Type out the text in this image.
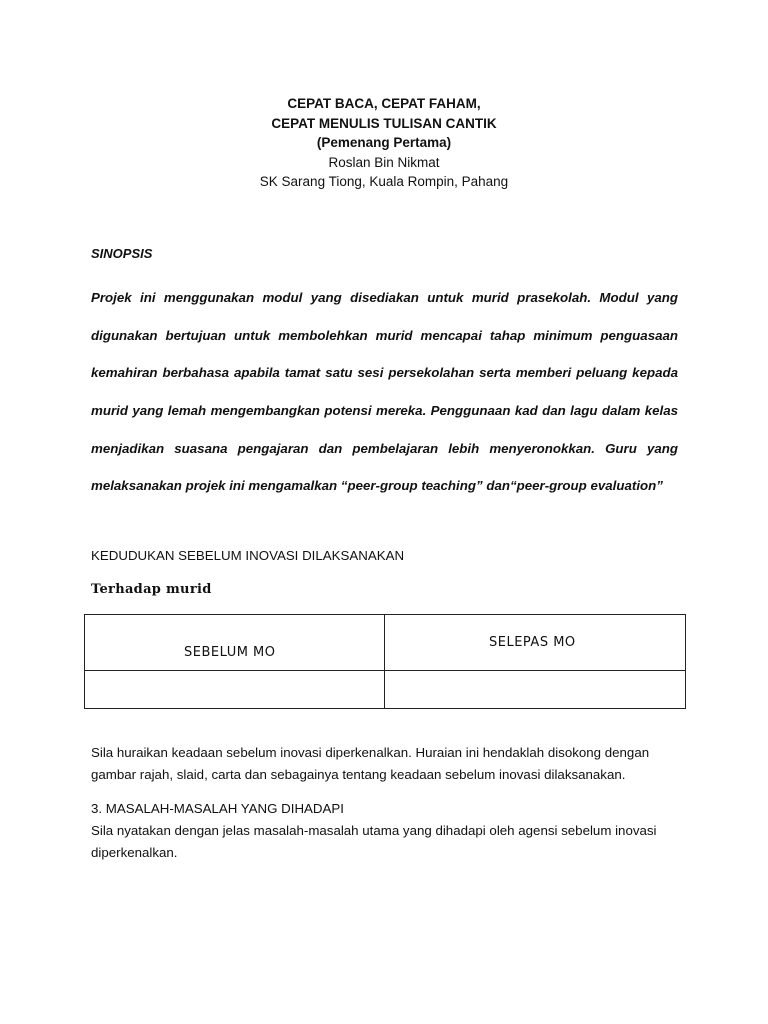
CEPAT BACA, CEPAT FAHAM,
CEPAT MENULIS TULISAN CANTIK
(Pemenang Pertama)
Roslan Bin Nikmat
SK Sarang Tiong, Kuala Rompin, Pahang
SINOPSIS
Projek ini menggunakan modul yang disediakan untuk murid prasekolah. Modul yang
digunakan bertujuan untuk membolehkan murid mencapai tahap minimum penguasaan
kemahiran berbahasa apabila tamat satu sesi persekolahan serta memberi peluang kepada
murid yang lemah mengembangkan potensi mereka. Penggunaan kad dan lagu dalam kelas
menjadikan suasana pengajaran dan pembelajaran lebih menyeronokkan. Guru yang
melaksanakan projek ini mengamalkan “peer-group teaching” dan“peer-group evaluation”
KEDUDUKAN SEBELUM INOVASI DILAKSANAKAN
Terhadap murid
SEBELUM MO
SELEPAS MO
Sila huraikan keadaan sebelum inovasi diperkenalkan. Huraian ini hendaklah disokong dengan
gambar rajah, slaid, carta dan sebagainya tentang keadaan sebelum inovasi dilaksanakan.
3. MASALAH-MASALAH YANG DIHADAPI
Sila nyatakan dengan jelas masalah-masalah utama yang dihadapi oleh agensi sebelum inovasi
diperkenalkan.
